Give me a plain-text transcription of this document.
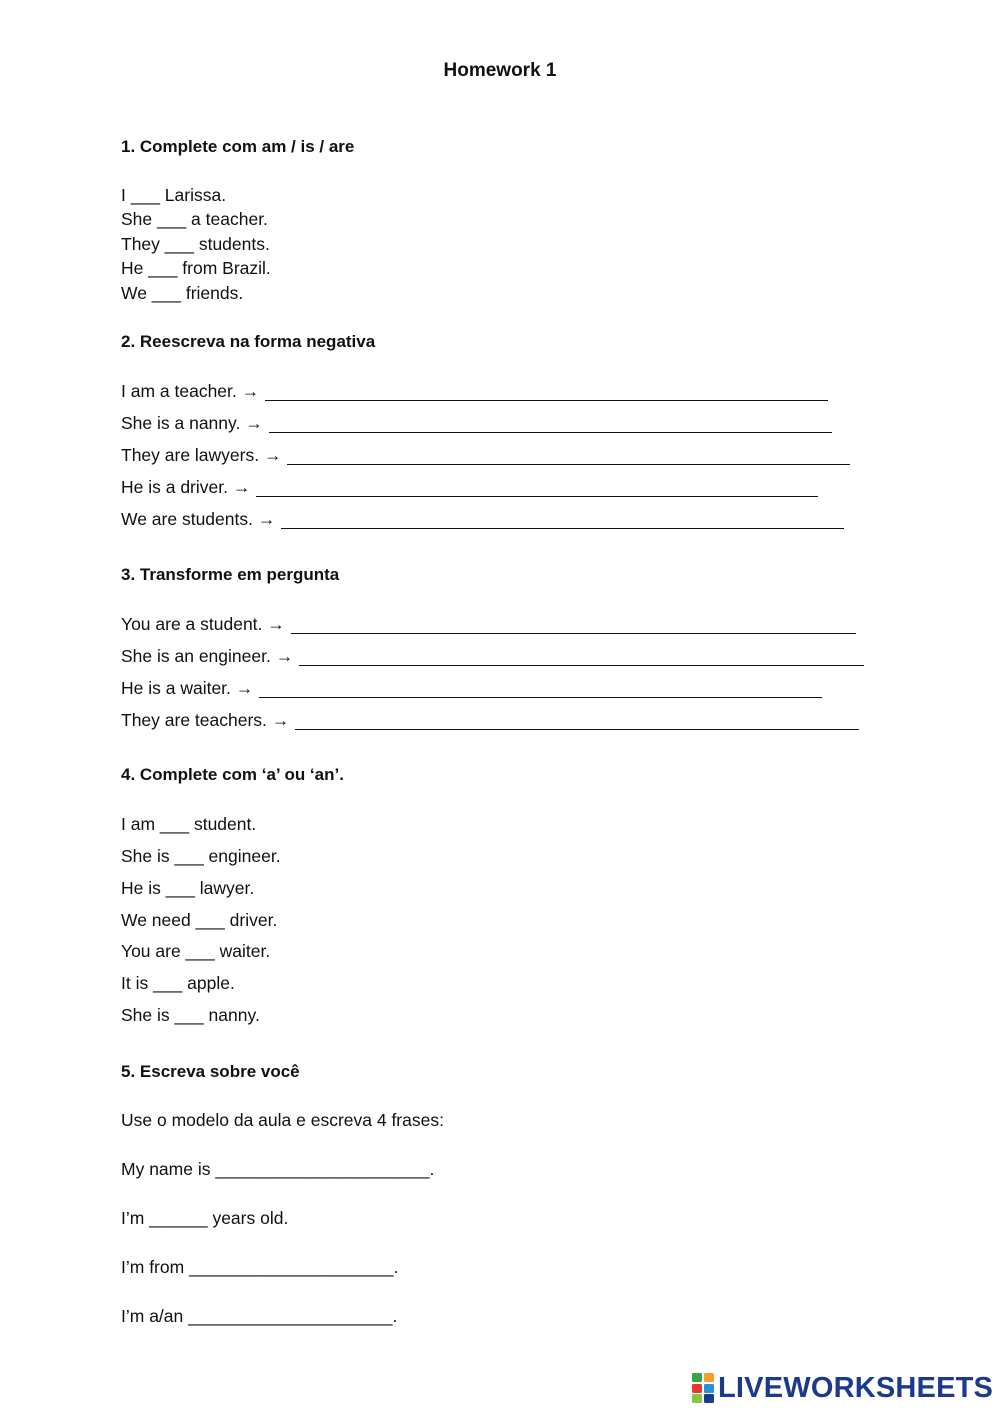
Homework 1
1. Complete com am / is / are
I ___ Larissa.
She ___ a teacher.
They ___ students.
He ___ from Brazil.
We ___ friends.
2. Reescreva na forma negativa
I am a teacher. →
She is a nanny. →
They are lawyers. →
He is a driver. →
We are students. →
3. Transforme em pergunta
You are a student. →
She is an engineer. →
He is a waiter. →
They are teachers. →
4. Complete com ‘a’ ou ‘an’.
I am ___ student.
She is ___ engineer.
He is ___ lawyer.
We need ___ driver.
You are ___ waiter.
It is ___ apple.
She is ___ nanny.
5. Escreva sobre você
Use o modelo da aula e escreva 4 frases:
My name is ______________________.
I’m ______ years old.
I’m from _____________________.
I’m a/an _____________________.
LIVEWORKSHEETS
